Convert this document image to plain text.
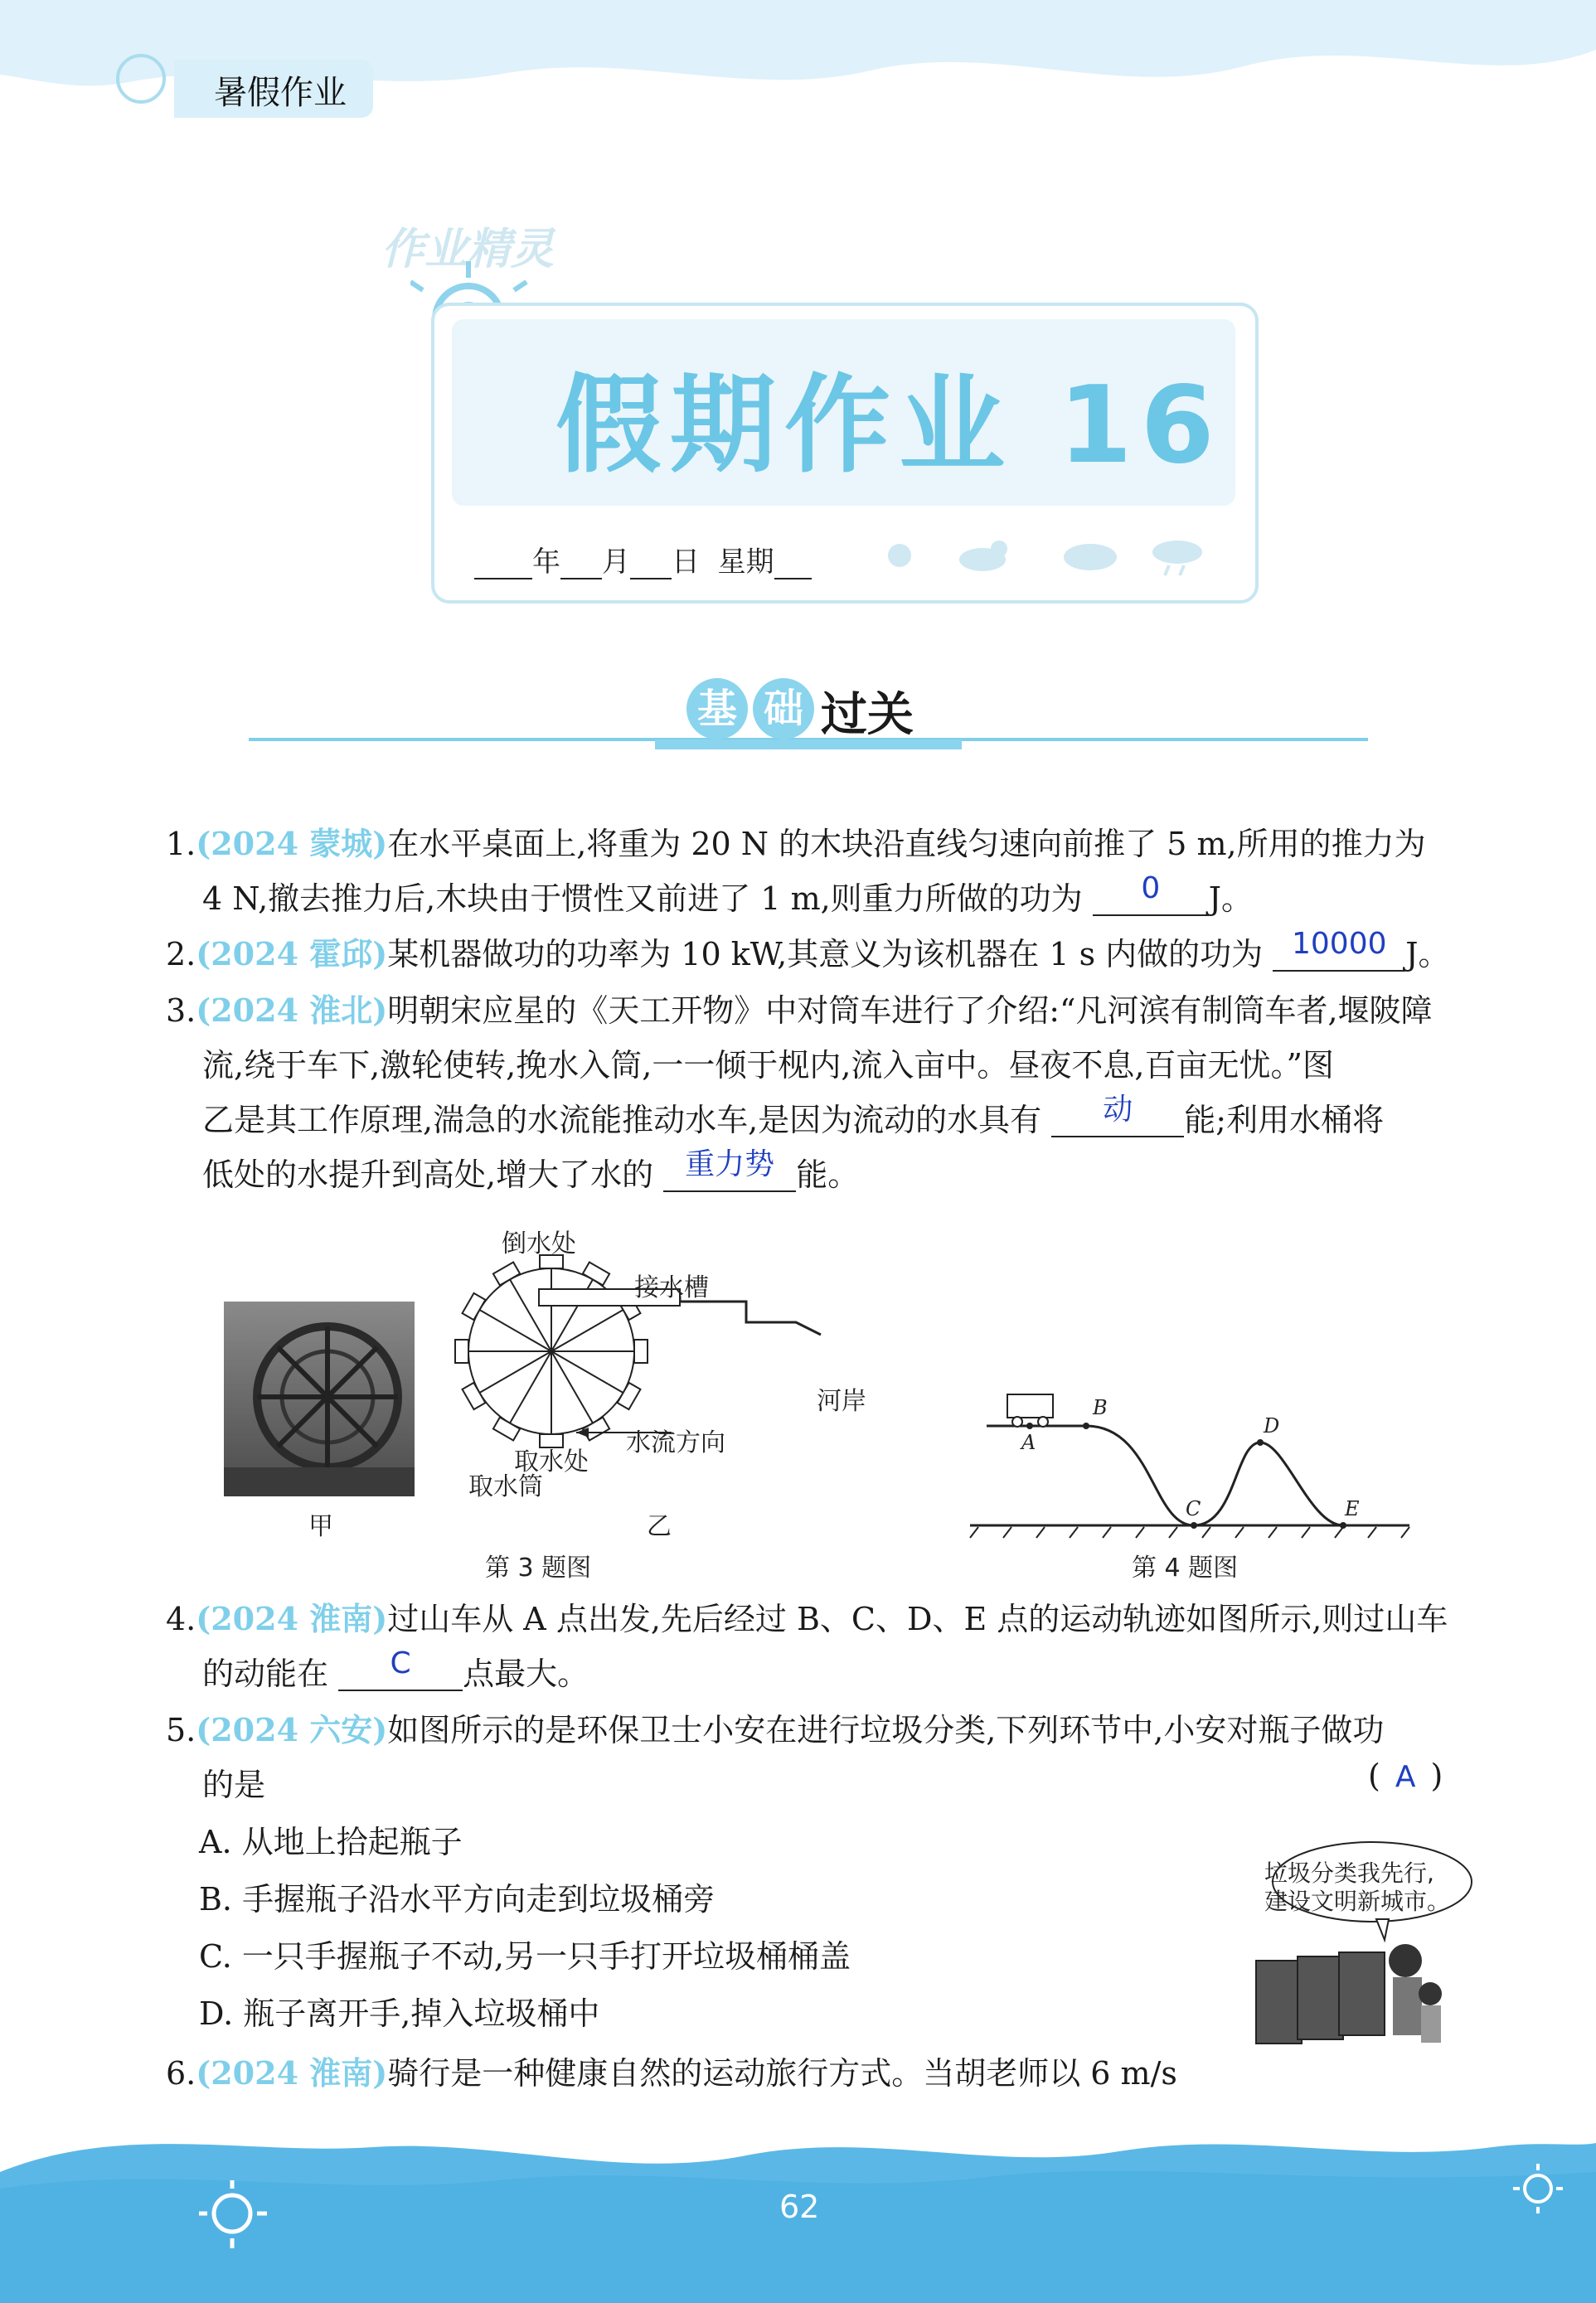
暑假作业
作业精灵
假期作业 16
年 月 日 星期
基 础 过关
1.(2024 蒙城)在水平桌面上,将重为 20 N 的木块沿直线匀速向前推了 5 m,所用的推力为
4 N,撤去推力后,木块由于惯性又前进了 1 m,则重力所做的功为 0 J。
2.(2024 霍邱)某机器做功的功率为 10 kW,其意义为该机器在 1 s 内做的功为 10000 J。
3.(2024 淮北)明朝宋应星的《天工开物》中对筒车进行了介绍:“凡河滨有制筒车者,堰陂障
流,绕于车下,激轮使转,挽水入筒,一一倾于枧内,流入亩中。昼夜不息,百亩无忧。”图
乙是其工作原理,湍急的水流能推动水车,是因为流动的水具有 动 能;利用水桶将
低处的水提升到高处,增大了水的 重力势 能。
甲
倒水处
接水槽
河岸
水流方向
取水处
取水筒
乙
第 3 题图
A
B
C
D
E
第 4 题图
4.(2024 淮南)过山车从 A 点出发,先后经过 B、C、D、E 点的运动轨迹如图所示,则过山车
的动能在 C 点最大。
5.(2024 六安)如图所示的是环保卫士小安在进行垃圾分类,下列环节中,小安对瓶子做功
的是	( A )
A. 从地上拾起瓶子
B. 手握瓶子沿水平方向走到垃圾桶旁
C. 一只手握瓶子不动,另一只手打开垃圾桶桶盖
D. 瓶子离开手,掉入垃圾桶中
垃圾分类我先行,
建设文明新城市。
6.(2024 淮南)骑行是一种健康自然的运动旅行方式。当胡老师以 6 m/s
62
